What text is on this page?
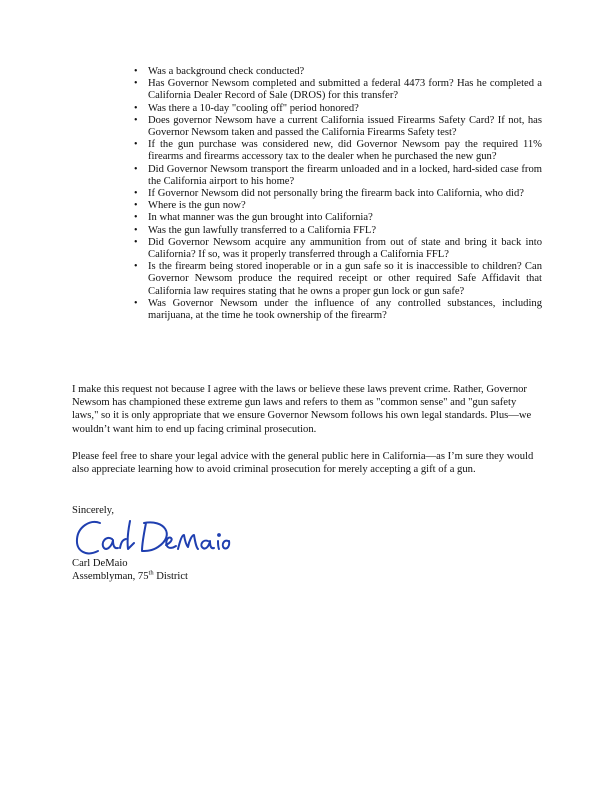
• Was a background check conducted?
• Has Governor Newsom completed and submitted a federal 4473 form? Has he completed a California Dealer Record of Sale (DROS) for this transfer?
• Was there a 10-day "cooling off" period honored?
• Does governor Newsom have a current California issued Firearms Safety Card? If not, has Governor Newsom taken and passed the California Firearms Safety test?
• If the gun purchase was considered new, did Governor Newsom pay the required 11% firearms and firearms accessory tax to the dealer when he purchased the new gun?
• Did Governor Newsom transport the firearm unloaded and in a locked, hard-sided case from the California airport to his home?
• If Governor Newsom did not personally bring the firearm back into California, who did?
• Where is the gun now?
• In what manner was the gun brought into California?
• Was the gun lawfully transferred to a California FFL?
• Did Governor Newsom acquire any ammunition from out of state and bring it back into California? If so, was it properly transferred through a California FFL?
• Is the firearm being stored inoperable or in a gun safe so it is inaccessible to children? Can Governor Newsom produce the required receipt or other required Safe Affidavit that California law requires stating that he owns a proper gun lock or gun safe?
• Was Governor Newsom under the influence of any controlled substances, including marijuana, at the time he took ownership of the firearm?

I make this request not because I agree with the laws or believe these laws prevent crime. Rather, Governor Newsom has championed these extreme gun laws and refers to them as "common sense" and "gun safety laws," so it is only appropriate that we ensure Governor Newsom follows his own legal standards. Plus—we wouldn’t want him to end up facing criminal prosecution.

Please feel free to share your legal advice with the general public here in California—as I’m sure they would also appreciate learning how to avoid criminal prosecution for merely accepting a gift of a gun.

Sincerely,
Carl DeMaio
Assemblyman, 75th District
